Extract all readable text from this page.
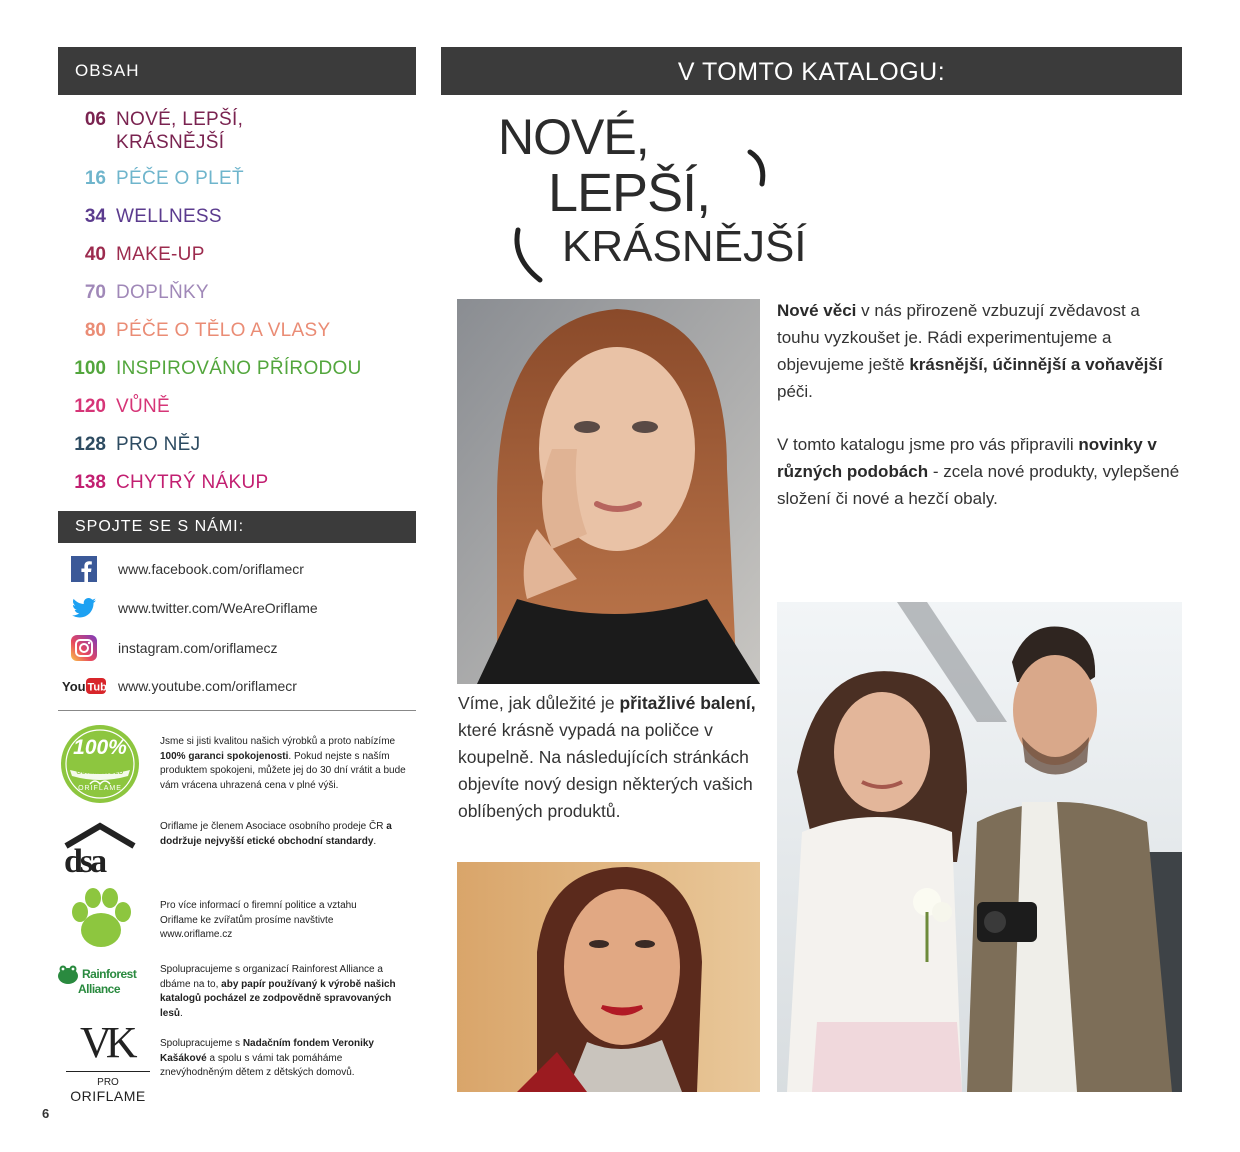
OBSAH
06 NOVÉ, LEPŠÍ,
KRÁSNĚJŠÍ
16 PÉČE O PLEŤ
34 WELLNESS
40 MAKE-UP
70 DOPLŇKY
80 PÉČE O TĚLO A VLASY
100 INSPIROVÁNO PŘÍRODOU
120 VŮNĚ
128 PRO NĚJ
138 CHYTRÝ NÁKUP
SPOJTE SE S NÁMI:
www.facebook.com/oriflamecr
www.twitter.com/WeAreOriflame
instagram.com/oriflamecz
You Tube www.youtube.com/oriflamecr
100%
GUARANTEED
ORIFLAME
Jsme si jisti kvalitou našich výrobků a proto nabízíme 100% garanci spokojenosti. Pokud nejste s naším produktem spokojeni, můžete jej do 30 dní vrátit a bude vám vrácena uhrazená cena v plné výši.
dsa
Oriflame je členem Asociace osobního prodeje ČR a dodržuje nejvyšší etické obchodní standardy.
Pro více informací o firemní politice a vztahu Oriflame ke zvířatům prosíme navštivte www.oriflame.cz
Rainforest
Alliance
Spolupracujeme s organizací Rainforest Alliance a dbáme na to, aby papír používaný k výrobě našich katalogů pocházel ze zodpovědně spravovaných lesů.
VK
PRO
ORIFLAME
Spolupracujeme s Nadačním fondem Veroniky Kašákové a spolu s vámi tak pomáháme znevýhodněným dětem z dětských domovů.
6
V TOMTO KATALOGU:
NOVÉ,
LEPŠÍ,
KRÁSNĚJŠÍ
Nové věci v nás přirozeně vzbuzují zvědavost a touhu vyzkoušet je. Rádi experimentujeme a objevujeme ještě krásnější, účinnější a voňavější péči.
V tomto katalogu jsme pro vás připravili novinky v různých podobách - zcela nové produkty, vylepšené složení či nové a hezčí obaly.
Víme, jak důležité je přitažlivé balení, které krásně vypadá na poličce v koupelně. Na následujících stránkách objevíte nový design některých vašich oblíbených produktů.
